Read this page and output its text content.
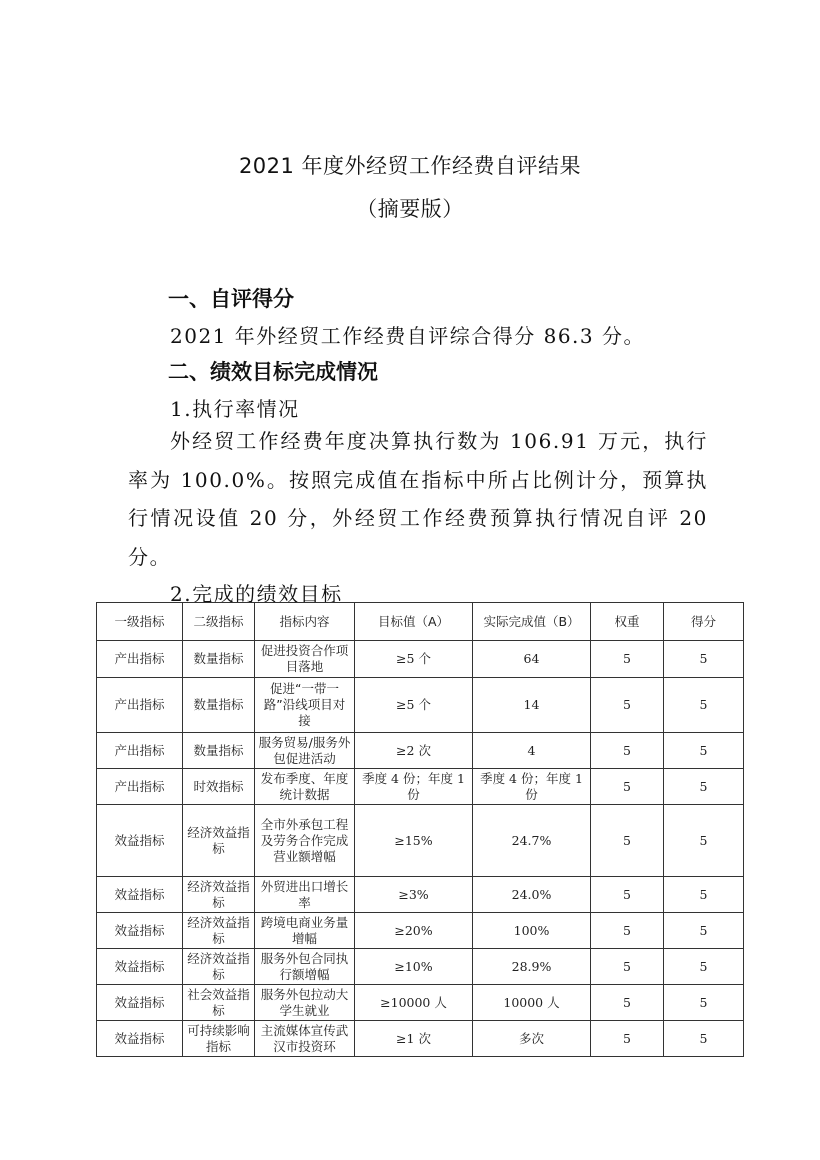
2021 年度外经贸工作经费自评结果
（摘要版）
一、自评得分
2021 年外经贸工作经费自评综合得分 86.3 分。
二、绩效目标完成情况
1.执行率情况
外经贸工作经费年度决算执行数为 106.91 万元，执行率为 100.0%。按照完成值在指标中所占比例计分，预算执行情况设值 20 分，外经贸工作经费预算执行情况自评 20 分。
2.完成的绩效目标
一级指标	二级指标	指标内容	目标值（A）	实际完成值（B）	权重	得分
产出指标	数量指标	促进投资合作项目落地	≥5 个	64	5	5
产出指标	数量指标	促进“一带一路”沿线项目对接	≥5 个	14	5	5
产出指标	数量指标	服务贸易/服务外包促进活动	≥2 次	4	5	5
产出指标	时效指标	发布季度、年度统计数据	季度 4 份；年度 1 份	季度 4 份；年度 1 份	5	5
效益指标	经济效益指标	全市外承包工程及劳务合作完成营业额增幅	≥15%	24.7%	5	5
效益指标	经济效益指标	外贸进出口增长率	≥3%	24.0%	5	5
效益指标	经济效益指标	跨境电商业务量增幅	≥20%	100%	5	5
效益指标	经济效益指标	服务外包合同执行额增幅	≥10%	28.9%	5	5
效益指标	社会效益指标	服务外包拉动大学生就业	≥10000 人	10000 人	5	5
效益指标	可持续影响指标	主流媒体宣传武汉市投资环	≥1 次	多次	5	5
